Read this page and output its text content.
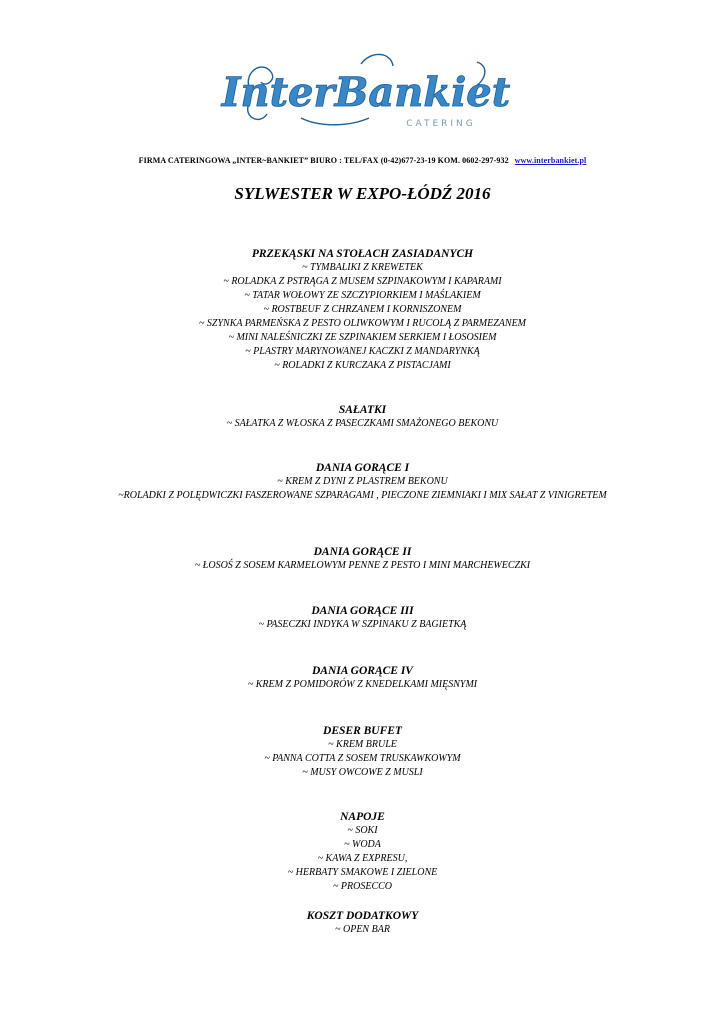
InterBankiet
CATERING
FIRMA CATERINGOWA „INTER~BANKIET” BIURO : TEL/FAX (0-42)677-23-19 KOM. 0602-297-932 www.interbankiet.pl
SYLWESTER W EXPO-ŁÓDŹ 2016
PRZEKĄSKI NA STOŁACH ZASIADANYCH
~ TYMBALIKI Z KREWETEK
~ ROLADKA Z PSTRĄGA Z MUSEM SZPINAKOWYM I KAPARAMI
~ TATAR WOŁOWY ZE SZCZYPIORKIEM I MAŚLAKIEM
~ ROSTBEUF Z CHRZANEM I KORNISZONEM
~ SZYNKA PARMEŃSKA Z PESTO OLIWKOWYM I RUCOLĄ Z PARMEZANEM
~ MINI NALEŚNICZKI ZE SZPINAKIEM SERKIEM I ŁOSOSIEM
~ PLASTRY MARYNOWANEJ KACZKI Z MANDARYNKĄ
~ ROLADKI Z KURCZAKA Z PISTACJAMI
SAŁATKI
~ SAŁATKA Z WŁOSKA Z PASECZKAMI SMAŻONEGO BEKONU
DANIA GORĄCE I
~ KREM Z DYNI Z PLASTREM BEKONU
~ROLADKI Z POLĘDWICZKI FASZEROWANE SZPARAGAMI , PIECZONE ZIEMNIAKI I MIX SAŁAT Z VINIGRETEM
DANIA GORĄCE II
~ ŁOSOŚ Z SOSEM KARMELOWYM PENNE Z PESTO I MINI MARCHEWECZKI
DANIA GORĄCE III
~ PASECZKI INDYKA W SZPINAKU Z BAGIETKĄ
DANIA GORĄCE IV
~ KREM Z POMIDORÓW Z KNEDELKAMI MIĘSNYMI
DESER BUFET
~ KREM BRULE
~ PANNA COTTA Z SOSEM TRUSKAWKOWYM
~ MUSY OWCOWE Z MUSLI
NAPOJE
~ SOKI
~ WODA
~ KAWA Z EXPRESU,
~ HERBATY SMAKOWE I ZIELONE
~ PROSECCO
KOSZT DODATKOWY
~ OPEN BAR
